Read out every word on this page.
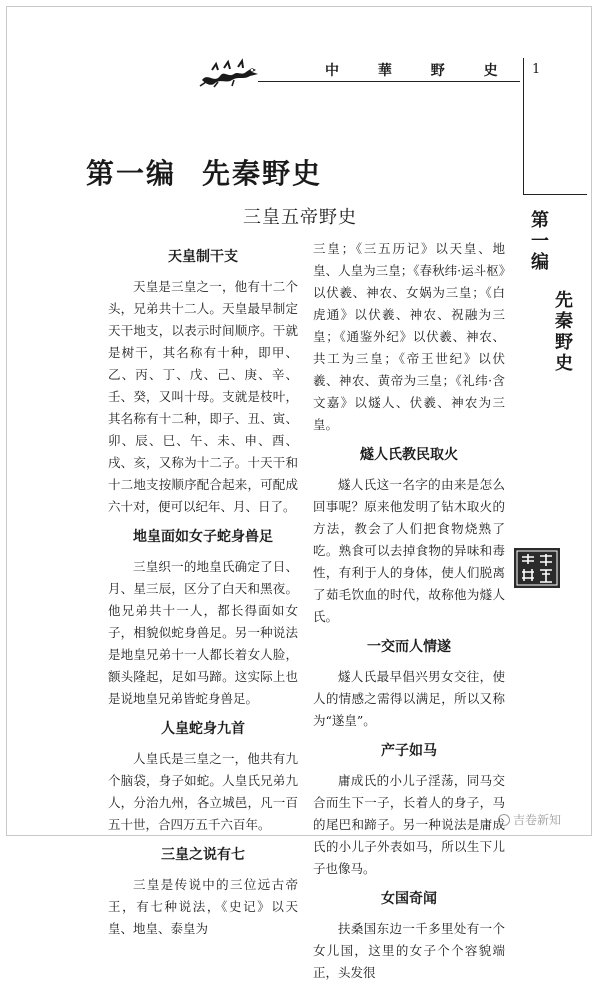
中 華 野 史 1
第一编
先秦野史
第一编 先秦野史
三皇五帝野史
天皇制干支

天皇是三皇之一，他有十二个头，兄弟共十二人。天皇最早制定天干地支，以表示时间顺序。干就是树干，其名称有十种，即甲、乙、丙、丁、戊、己、庚、辛、壬、癸，又叫十母。支就是枝叶，其名称有十二种，即子、丑、寅、卯、辰、巳、午、未、申、酉、戌、亥，又称为十二子。十天干和十二地支按顺序配合起来，可配成六十对，便可以纪年、月、日了。

地皇面如女子蛇身兽足

三皇织一的地皇氏确定了日、月、星三辰，区分了白天和黑夜。他兄弟共十一人，都长得面如女子，相貌似蛇身兽足。另一种说法是地皇兄弟十一人都长着女人脸，额头隆起，足如马蹄。这实际上也是说地皇兄弟皆蛇身兽足。

人皇蛇身九首

人皇氏是三皇之一，他共有九个脑袋，身子如蛇。人皇氏兄弟九人，分治九州，各立城邑，凡一百五十世，合四万五千六百年。

三皇之说有七

三皇是传说中的三位远古帝王，有七种说法，《史记》以天皇、地皇、泰皇为

三皇；《三五历记》以天皇、地皇、人皇为三皇；《春秋纬·运斗枢》以伏羲、神农、女娲为三皇；《白虎通》以伏羲、神农、祝融为三皇；《通鉴外纪》以伏羲、神农、共工为三皇；《帝王世纪》以伏羲、神农、黄帝为三皇；《礼纬·含文嘉》以燧人、伏羲、神农为三皇。

燧人氏教民取火

燧人氏这一名字的由来是怎么回事呢？原来他发明了钻木取火的方法，教会了人们把食物烧熟了吃。熟食可以去掉食物的异味和毒性，有利于人的身体，使人们脱离了茹毛饮血的时代，故称他为燧人氏。

一交而人情遂

燧人氏最早倡兴男女交往，使人的情感之需得以满足，所以又称为“遂皇”。

产子如马

庸成氏的小儿子淫荡，同马交合而生下一子，长着人的身子，马的尾巴和蹄子。另一种说法是庸成氏的小儿子外表如马，所以生下儿子也像马。

女国奇闻

扶桑国东边一千多里处有一个女儿国，这里的女子个个容貌端正，头发很

吉卷新知
